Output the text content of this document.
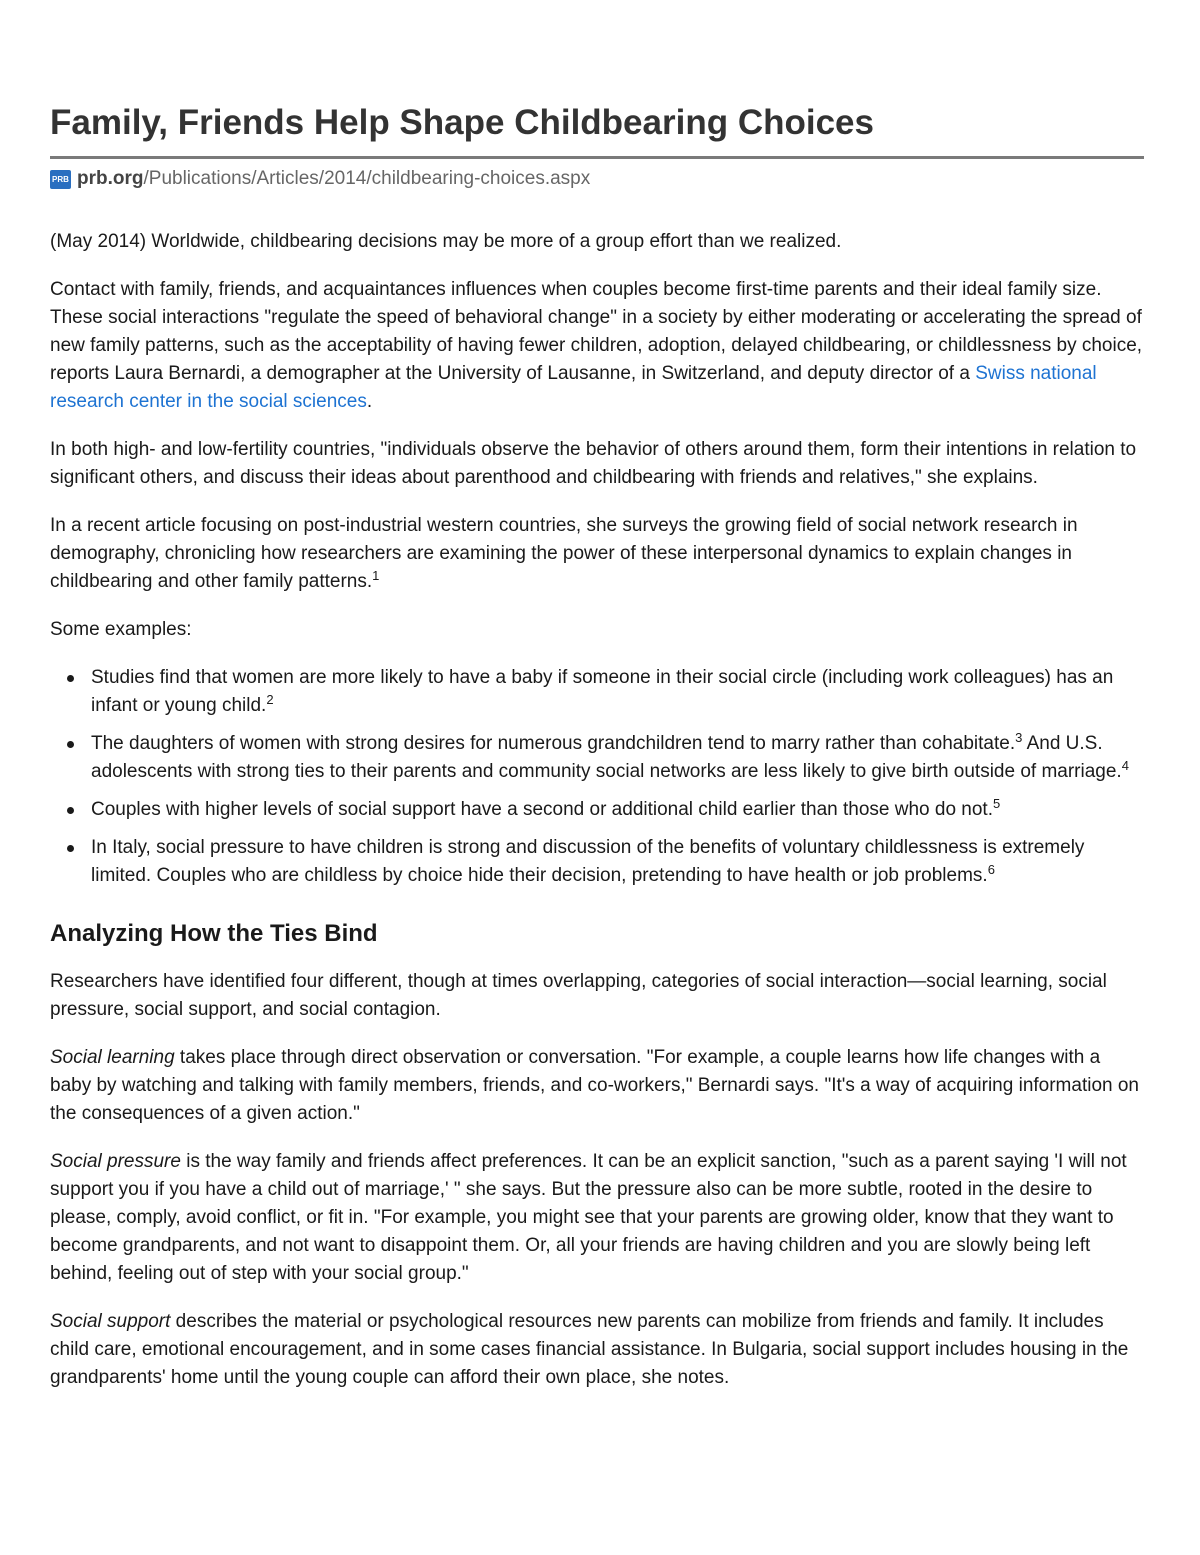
Family, Friends Help Shape Childbearing Choices
PRB prb.org /Publications/Articles/2014/childbearing-choices.aspx

(May 2014) Worldwide, childbearing decisions may be more of a group effort than we realized.

Contact with family, friends, and acquaintances influences when couples become first-time parents and their ideal family size. These social interactions "regulate the speed of behavioral change" in a society by either moderating or accelerating the spread of new family patterns, such as the acceptability of having fewer children, adoption, delayed childbearing, or childlessness by choice, reports Laura Bernardi, a demographer at the University of Lausanne, in Switzerland, and deputy director of a Swiss national research center in the social sciences.

In both high- and low-fertility countries, "individuals observe the behavior of others around them, form their intentions in relation to significant others, and discuss their ideas about parenthood and childbearing with friends and relatives," she explains.

In a recent article focusing on post-industrial western countries, she surveys the growing field of social network research in demography, chronicling how researchers are examining the power of these interpersonal dynamics to explain changes in childbearing and other family patterns.$^1$

Some examples:

Studies find that women are more likely to have a baby if someone in their social circle (including work colleagues) has an infant or young child.$^2$
The daughters of women with strong desires for numerous grandchildren tend to marry rather than cohabitate.$^3$ And U.S. adolescents with strong ties to their parents and community social networks are less likely to give birth outside of marriage.$^4$
Couples with higher levels of social support have a second or additional child earlier than those who do not.$^5$
In Italy, social pressure to have children is strong and discussion of the benefits of voluntary childlessness is extremely limited. Couples who are childless by choice hide their decision, pretending to have health or job problems.$^6$
Analyzing How the Ties Bind

Researchers have identified four different, though at times overlapping, categories of social interaction—social learning, social pressure, social support, and social contagion.

Social learning takes place through direct observation or conversation. "For example, a couple learns how life changes with a baby by watching and talking with family members, friends, and co-workers," Bernardi says. "It's a way of acquiring information on the consequences of a given action."

Social pressure is the way family and friends affect preferences. It can be an explicit sanction, "such as a parent saying 'I will not support you if you have a child out of marriage,' " she says. But the pressure also can be more subtle, rooted in the desire to please, comply, avoid conflict, or fit in. "For example, you might see that your parents are growing older, know that they want to become grandparents, and not want to disappoint them. Or, all your friends are having children and you are slowly being left behind, feeling out of step with your social group."

Social support describes the material or psychological resources new parents can mobilize from friends and family. It includes child care, emotional encouragement, and in some cases financial assistance. In Bulgaria, social support includes housing in the grandparents' home until the young couple can afford their own place, she notes.
